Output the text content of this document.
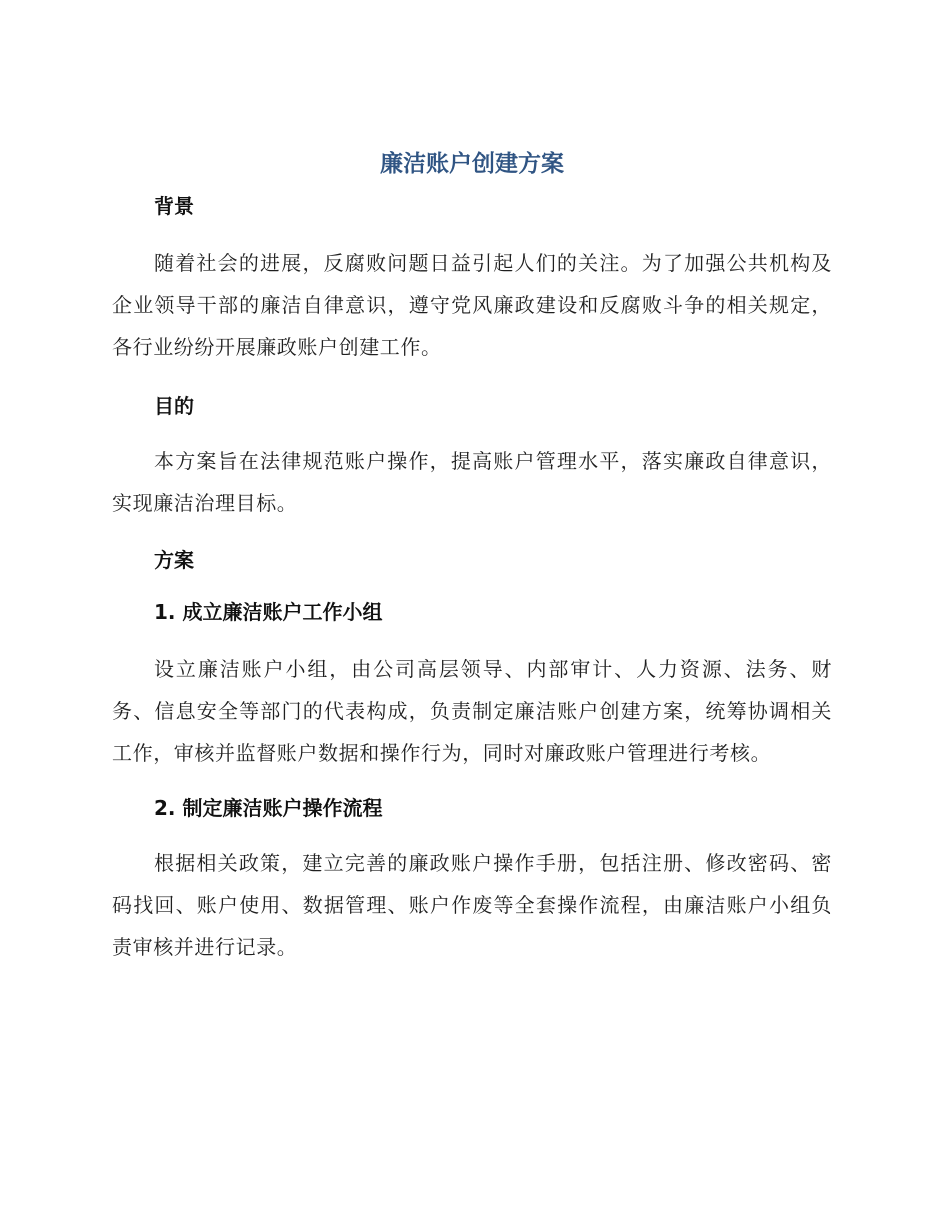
廉洁账户创建方案
背景

随着社会的进展，反腐败问题日益引起人们的关注。为了加强公共机构及企业领导干部的廉洁自律意识，遵守党风廉政建设和反腐败斗争的相关规定，各行业纷纷开展廉政账户创建工作。

目的

本方案旨在法律规范账户操作，提高账户管理水平，落实廉政自律意识，实现廉洁治理目标。

方案
1. 成立廉洁账户工作小组

设立廉洁账户小组，由公司高层领导、内部审计、人力资源、法务、财务、信息安全等部门的代表构成，负责制定廉洁账户创建方案，统筹协调相关工作，审核并监督账户数据和操作行为，同时对廉政账户管理进行考核。

2. 制定廉洁账户操作流程

根据相关政策，建立完善的廉政账户操作手册，包括注册、修改密码、密码找回、账户使用、数据管理、账户作废等全套操作流程，由廉洁账户小组负责审核并进行记录。
